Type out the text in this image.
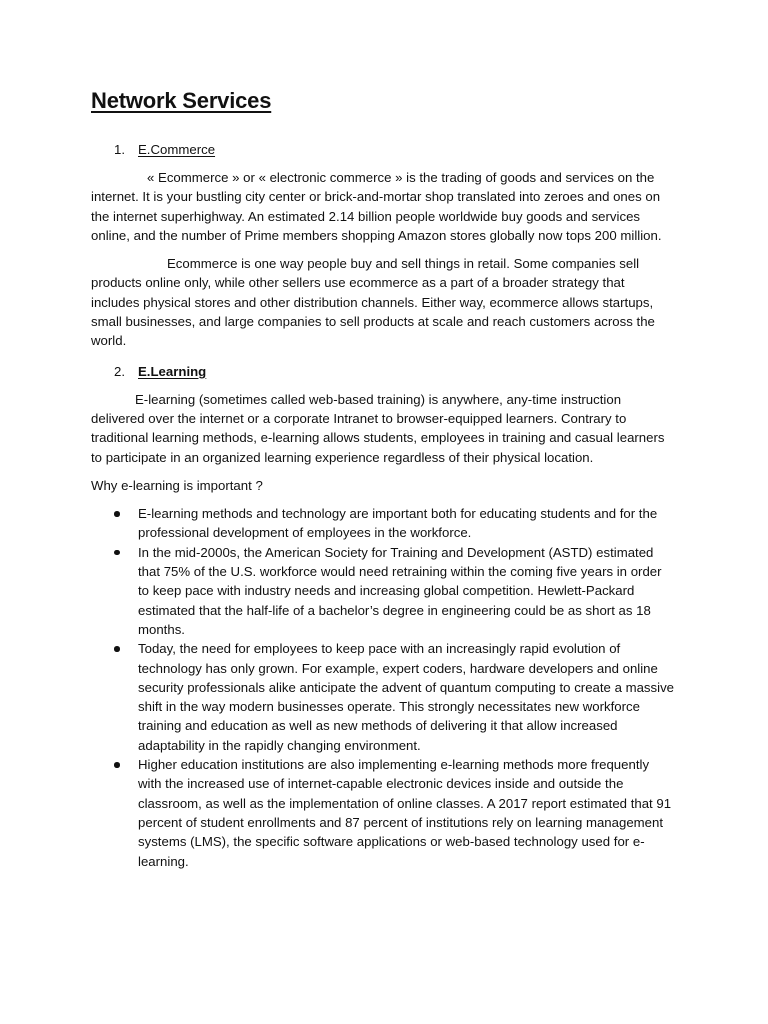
Network Services
1. E.Commerce

« Ecommerce » or « electronic commerce » is the trading of goods and services on the internet. It is your bustling city center or brick-and-mortar shop translated into zeroes and ones on the internet superhighway. An estimated 2.14 billion people worldwide buy goods and services online, and the number of Prime members shopping Amazon stores globally now tops 200 million.

Ecommerce is one way people buy and sell things in retail. Some companies sell products online only, while other sellers use ecommerce as a part of a broader strategy that includes physical stores and other distribution channels. Either way, ecommerce allows startups, small businesses, and large companies to sell products at scale and reach customers across the world.

2. E.Learning

E-learning (sometimes called web-based training) is anywhere, any-time instruction delivered over the internet or a corporate Intranet to browser-equipped learners. Contrary to traditional learning methods, e-learning allows students, employees in training and casual learners to participate in an organized learning experience regardless of their physical location.

Why e-learning is important ?

E-learning methods and technology are important both for educating students and for the professional development of employees in the workforce.
In the mid-2000s, the American Society for Training and Development (ASTD) estimated that 75% of the U.S. workforce would need retraining within the coming five years in order to keep pace with industry needs and increasing global competition. Hewlett-Packard estimated that the half-life of a bachelor’s degree in engineering could be as short as 18 months.
Today, the need for employees to keep pace with an increasingly rapid evolution of technology has only grown. For example, expert coders, hardware developers and online security professionals alike anticipate the advent of quantum computing to create a massive shift in the way modern businesses operate. This strongly necessitates new workforce training and education as well as new methods of delivering it that allow increased adaptability in the rapidly changing environment.
Higher education institutions are also implementing e-learning methods more frequently with the increased use of internet-capable electronic devices inside and outside the classroom, as well as the implementation of online classes. A 2017 report estimated that 91 percent of student enrollments and 87 percent of institutions rely on learning management systems (LMS), the specific software applications or web-based technology used for e-learning.
